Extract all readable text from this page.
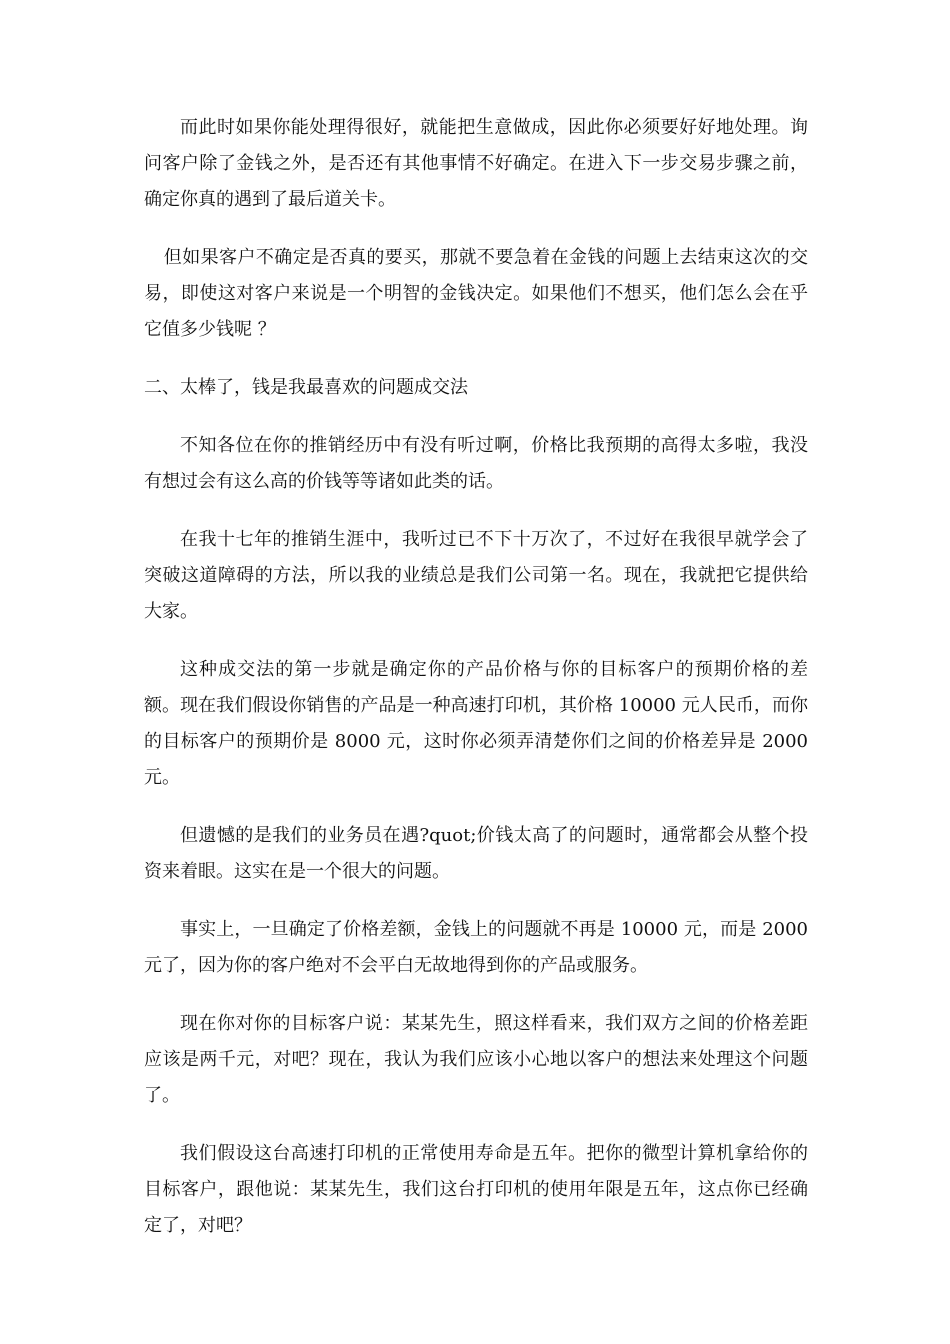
而此时如果你能处理得很好，就能把生意做成，因此你必须要好好地处理。询问客户除了金钱之外，是否还有其他事情不好确定。在进入下一步交易步骤之前，确定你真的遇到了最后道关卡。

但如果客户不确定是否真的要买，那就不要急着在金钱的问题上去结束这次的交易，即使这对客户来说是一个明智的金钱决定。如果他们不想买，他们怎么会在乎它值多少钱呢 ？

二、太棒了，钱是我最喜欢的问题成交法

不知各位在你的推销经历中有没有听过啊，价格比我预期的高得太多啦，我没有想过会有这么高的价钱等等诸如此类的话。

在我十七年的推销生涯中，我听过已不下十万次了，不过好在我很早就学会了突破这道障碍的方法，所以我的业绩总是我们公司第一名。现在，我就把它提供给大家。

这种成交法的第一步就是确定你的产品价格与你的目标客户的预期价格的差额。现在我们假设你销售的产品是一种高速打印机，其价格 10000 元人民币，而你的目标客户的预期价是 8000 元，这时你必须弄清楚你们之间的价格差异是 2000 元。

但遗憾的是我们的业务员在遇?quot;价钱太高了的问题时，通常都会从整个投资来着眼。这实在是一个很大的问题。

事实上，一旦确定了价格差额，金钱上的问题就不再是 10000 元，而是 2000 元了，因为你的客户绝对不会平白无故地得到你的产品或服务。

现在你对你的目标客户说：某某先生，照这样看来，我们双方之间的价格差距应该是两千元，对吧？现在，我认为我们应该小心地以客户的想法来处理这个问题了。

我们假设这台高速打印机的正常使用寿命是五年。把你的微型计算机拿给你的目标客户，跟他说：某某先生，我们这台打印机的使用年限是五年，这点你已经确定了，对吧？
